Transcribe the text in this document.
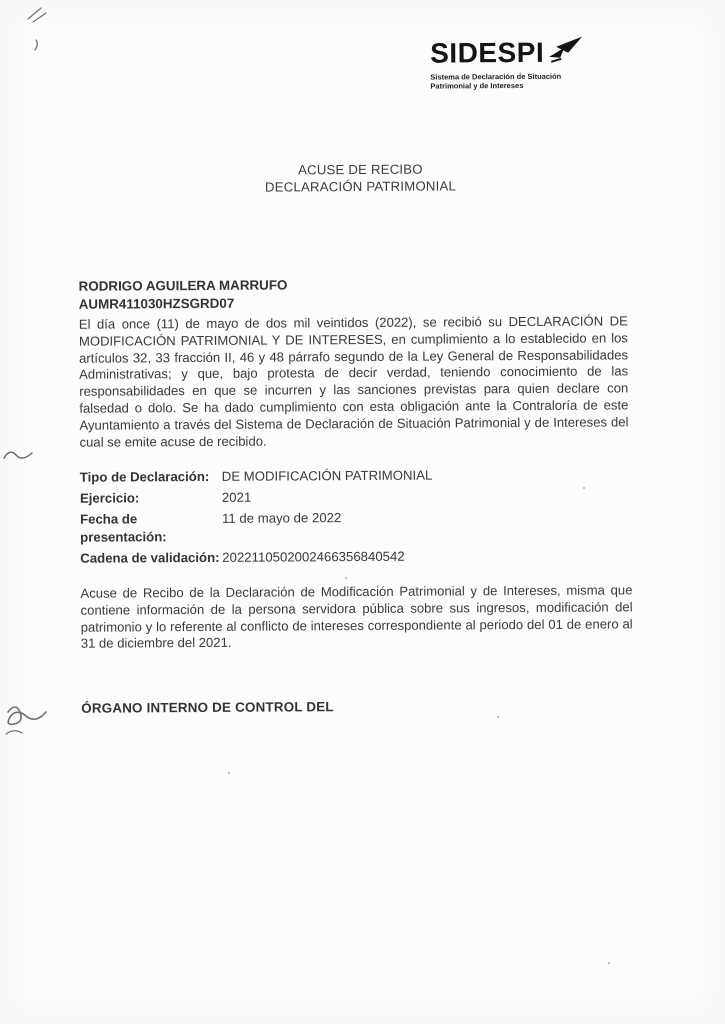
SIDESPI
Sistema de Declaración de Situación
Patrimonial y de Intereses
ACUSE DE RECIBO
DECLARACIÓN PATRIMONIAL
RODRIGO AGUILERA MARRUFO
AUMR411030HZSGRD07

El día once (11) de mayo de dos mil veintidos (2022), se recibió su DECLARACIÓN DE MODIFICACIÓN PATRIMONIAL Y DE INTERESES, en cumplimiento a lo establecido en los artículos 32, 33 fracción II, 46 y 48 párrafo segundo de la Ley General de Responsabilidades Administrativas; y que, bajo protesta de decir verdad, teniendo conocimiento de las responsabilidades en que se incurren y las sanciones previstas para quien declare con falsedad o dolo. Se ha dado cumplimiento con esta obligación ante la Contraloría de este Ayuntamiento a través del Sistema de Declaración de Situación Patrimonial y de Intereses del cual se emite acuse de recibido.

Tipo de Declaración: DE MODIFICACIÓN PATRIMONIAL
Ejercicio:	2021
Fecha de presentación:
11 de mayo de 2022
Cadena de validación: 2022110502002466356840542

Acuse de Recibo de la Declaración de Modificación Patrimonial y de Intereses, misma que contiene información de la persona servidora pública sobre sus ingresos, modificación del patrimonio y lo referente al conflicto de intereses correspondiente al periodo del 01 de enero al 31 de diciembre del 2021.

ÓRGANO INTERNO DE CONTROL DEL
